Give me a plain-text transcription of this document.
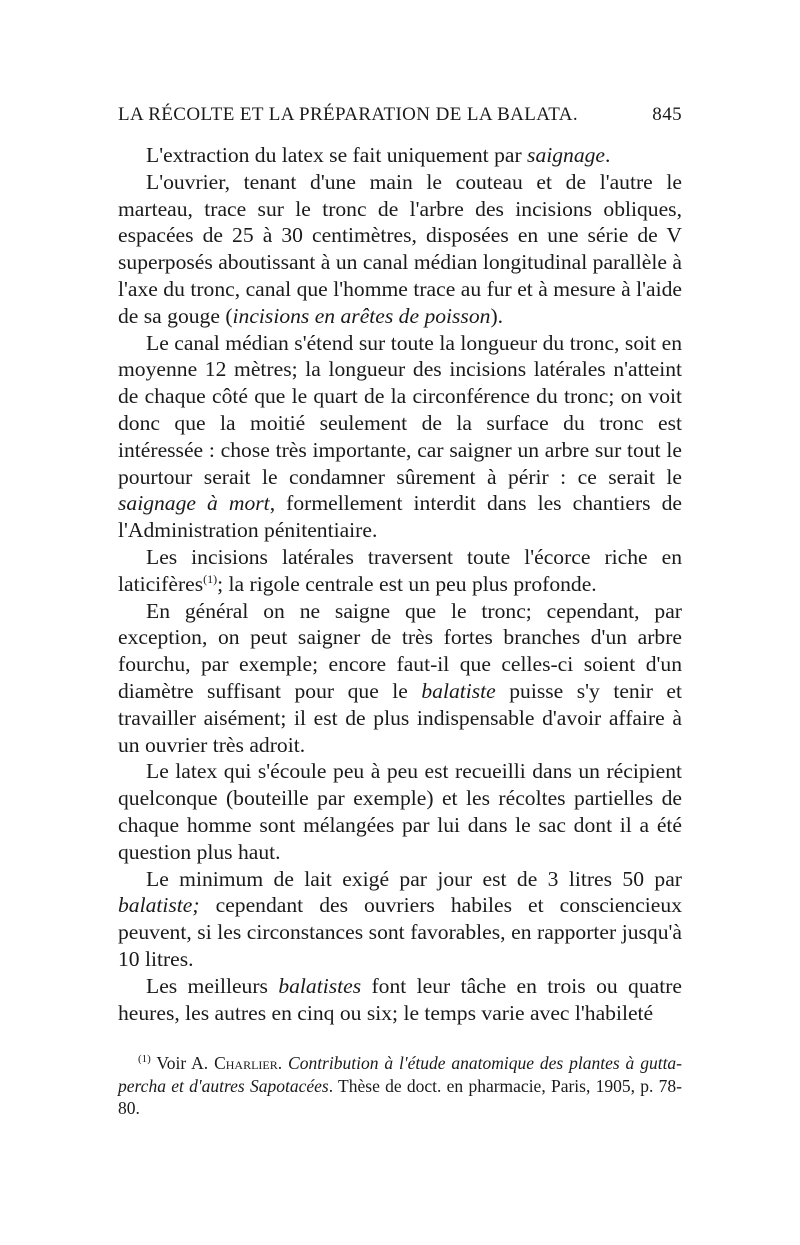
LA RÉCOLTE ET LA PRÉPARATION DE LA BALATA.	845

L'extraction du latex se fait uniquement par saignage.

L'ouvrier, tenant d'une main le couteau et de l'autre le marteau, trace sur le tronc de l'arbre des incisions obliques, espacées de 25 à 30 centimètres, disposées en une série de V superposés aboutissant à un canal médian longitudinal parallèle à l'axe du tronc, canal que l'homme trace au fur et à mesure à l'aide de sa gouge (incisions en arêtes de poisson).

Le canal médian s'étend sur toute la longueur du tronc, soit en moyenne 12 mètres; la longueur des incisions latérales n'atteint de chaque côté que le quart de la circonférence du tronc; on voit donc que la moitié seulement de la surface du tronc est intéressée : chose très importante, car saigner un arbre sur tout le pourtour serait le condamner sûrement à périr : ce serait le saignage à mort, formellement interdit dans les chantiers de l'Administration pénitentiaire.

Les incisions latérales traversent toute l'écorce riche en laticifères$^{(1)}$; la rigole centrale est un peu plus profonde.

En général on ne saigne que le tronc; cependant, par exception, on peut saigner de très fortes branches d'un arbre fourchu, par exemple; encore faut-il que celles-ci soient d'un diamètre suffisant pour que le balatiste puisse s'y tenir et travailler aisément; il est de plus indispensable d'avoir affaire à un ouvrier très adroit.

Le latex qui s'écoule peu à peu est recueilli dans un récipient quelconque (bouteille par exemple) et les récoltes partielles de chaque homme sont mélangées par lui dans le sac dont il a été question plus haut.

Le minimum de lait exigé par jour est de 3 litres 50 par balatiste; cependant des ouvriers habiles et consciencieux peuvent, si les circonstances sont favorables, en rapporter jusqu'à 10 litres.

Les meilleurs balatistes font leur tâche en trois ou quatre heures, les autres en cinq ou six; le temps varie avec l'habileté

$^{(1)}$ Voir A. Charlier. Contribution à l'étude anatomique des plantes à gutta-percha et d'autres Sapotacées. Thèse de doct. en pharmacie, Paris, 1905, p. 78-80.
